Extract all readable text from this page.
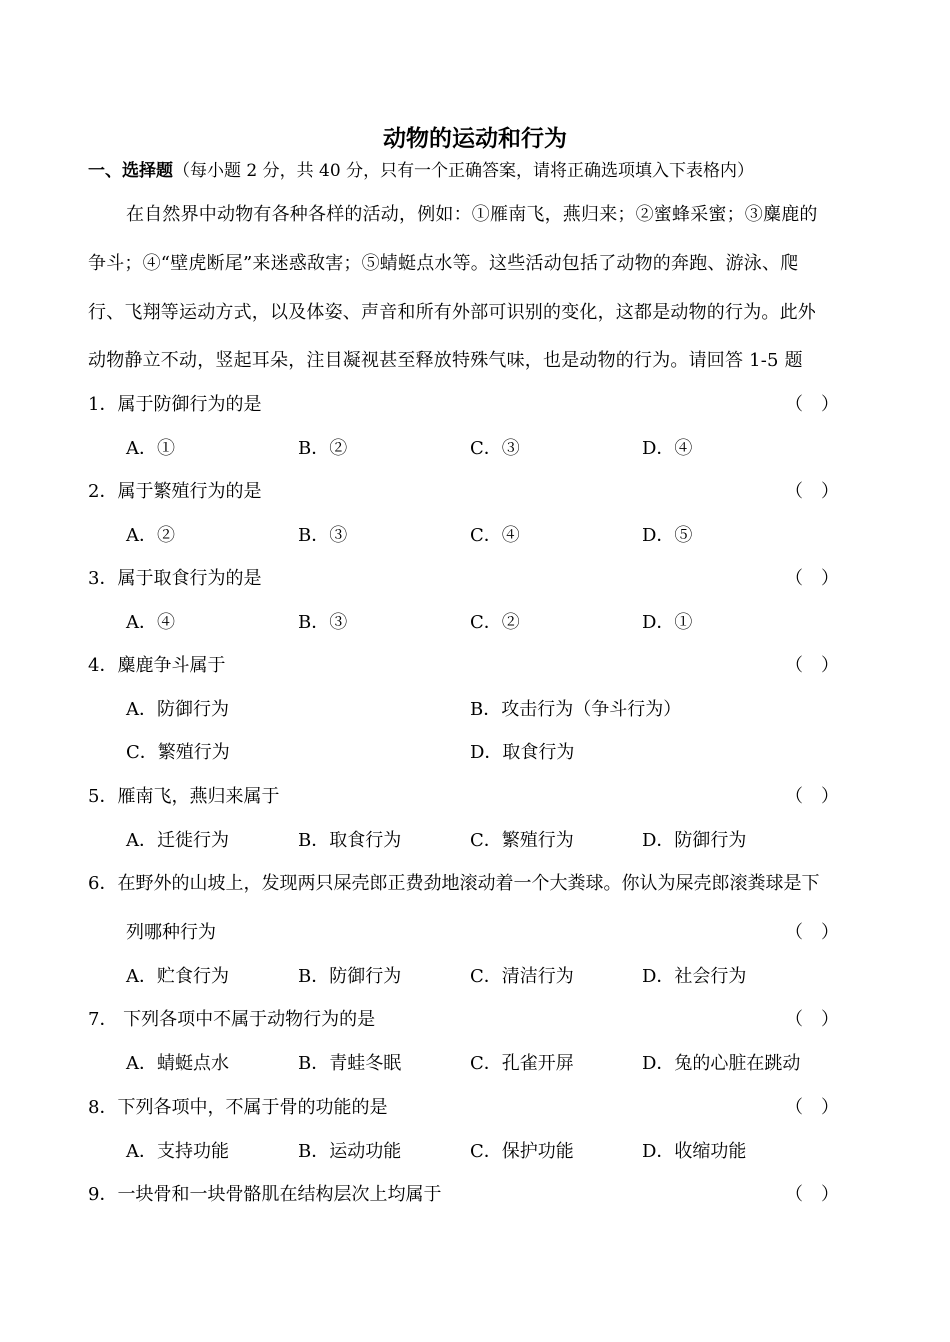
动物的运动和行为
一、选择题（每小题 2 分，共 40 分，只有一个正确答案，请将正确选项填入下表格内）
在自然界中动物有各种各样的活动，例如：①雁南飞，燕归来；②蜜蜂采蜜；③麋鹿的
争斗；④“壁虎断尾”来迷惑敌害；⑤蜻蜓点水等。这些活动包括了动物的奔跑、游泳、爬
行、飞翔等运动方式，以及体姿、声音和所有外部可识别的变化，这都是动物的行为。此外
动物静立不动，竖起耳朵，注目凝视甚至释放特殊气味，也是动物的行为。请回答 1-5 题
1．属于防御行为的是	（　）
A．①	B．②	C．③	D．④
2．属于繁殖行为的是	（　）
A．②	B．③	C．④	D．⑤
3．属于取食行为的是	（　）
A．④	B．③	C．②	D．①
4．麋鹿争斗属于	（　）
A．防御行为	B．攻击行为（争斗行为）
C．繁殖行为	D．取食行为
5．雁南飞，燕归来属于	（　）
A．迁徙行为	B．取食行为	C．繁殖行为	D．防御行为
6．在野外的山坡上，发现两只屎壳郎正费劲地滚动着一个大粪球。你认为屎壳郎滚粪球是下
列哪种行为	（　）
A．贮食行为	B．防御行为	C．清洁行为	D．社会行为
7． 下列各项中不属于动物行为的是	（　）
A．蜻蜓点水	B．青蛙冬眠	C．孔雀开屏	D．兔的心脏在跳动
8．下列各项中，不属于骨的功能的是	（　）
A．支持功能	B．运动功能	C．保护功能	D．收缩功能
9．一块骨和一块骨骼肌在结构层次上均属于	（　）
